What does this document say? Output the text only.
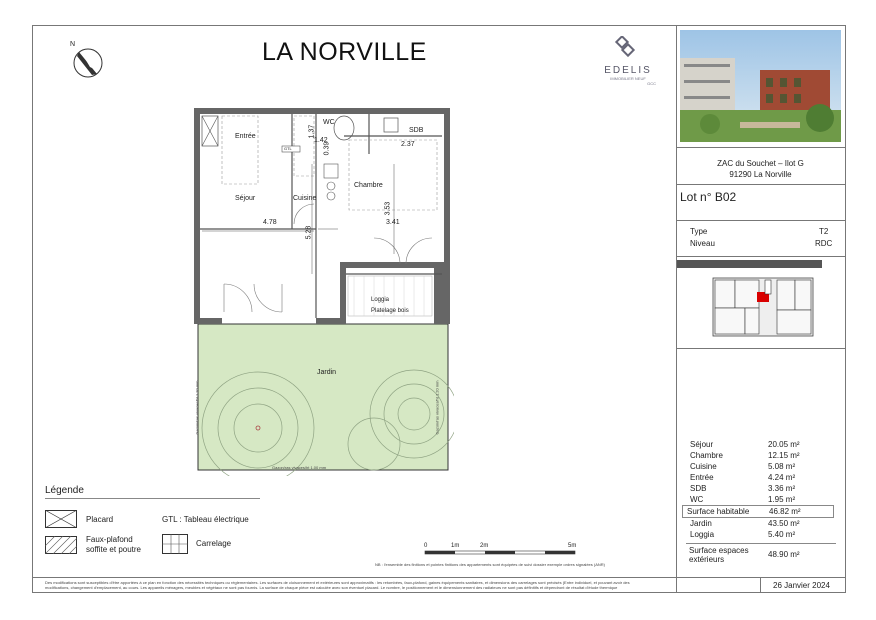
N	LA NORVILLE
EDELIS
IMMOBILIER NEUF
GCC
ZAC du Souchet – Ilot G
91290 La Norville
Lot n° B02
Type	T2
Niveau	RDC
Séjour	20.05 m²
Chambre	12.15 m²
Cuisine	5.08 m²
Entrée	4.24 m²
SDB	3.36 m²
WC	1.95 m²
Surface habitable 46.82 m²
Jardin	43.50 m²
Loggia	5.40 m²
Surface espaces
extérieurs
48.90 m²
Entrée
WC
SDB
Séjour	Cuisine
Chambre
Loggia
Platelage bois
Jardin
GTL
1.37
1.42
0.39	2.37
4.78
5.28
3.53
3.41
Gazon/ras vivaces/ht 1.20 mm	Gazon/ras vivaces/ht 1.20 mm
Gazon/ras vivaces/ht 1.00 mm
Légende
Placard	GTL : Tableau électrique
Faux-plafond
soffite et poutre
Carrelage	0	1m	2m	5m
NB : l'ensemble des finitions et pointes finitions des appartements sont équipées de suivi dossier exemple ordres signalées (ANR)
Des modifications sont susceptibles d'être apportées à ce plan en fonction des nécessités techniques ou réglementaires. Les surfaces de cloisonnement et extérieures sont approximatifs : les retombées, faux-plafond, gaines équipements sanitaires, et dimensions des carrelages sont précisés (Entre individuel, et pouvant avoir des
modifications, changement d'emplacement, au cours. Les appareils ménagers, meubles et végétaux ne sont pas fournis. La surface de chaque pièce est calculée avec son éventuel placard. Le nombre, le positionnement et le dimensionnement des radiateurs ne sont pas définitifs et dépendront de résultat d'étude thermique	26 Janvier 2024
